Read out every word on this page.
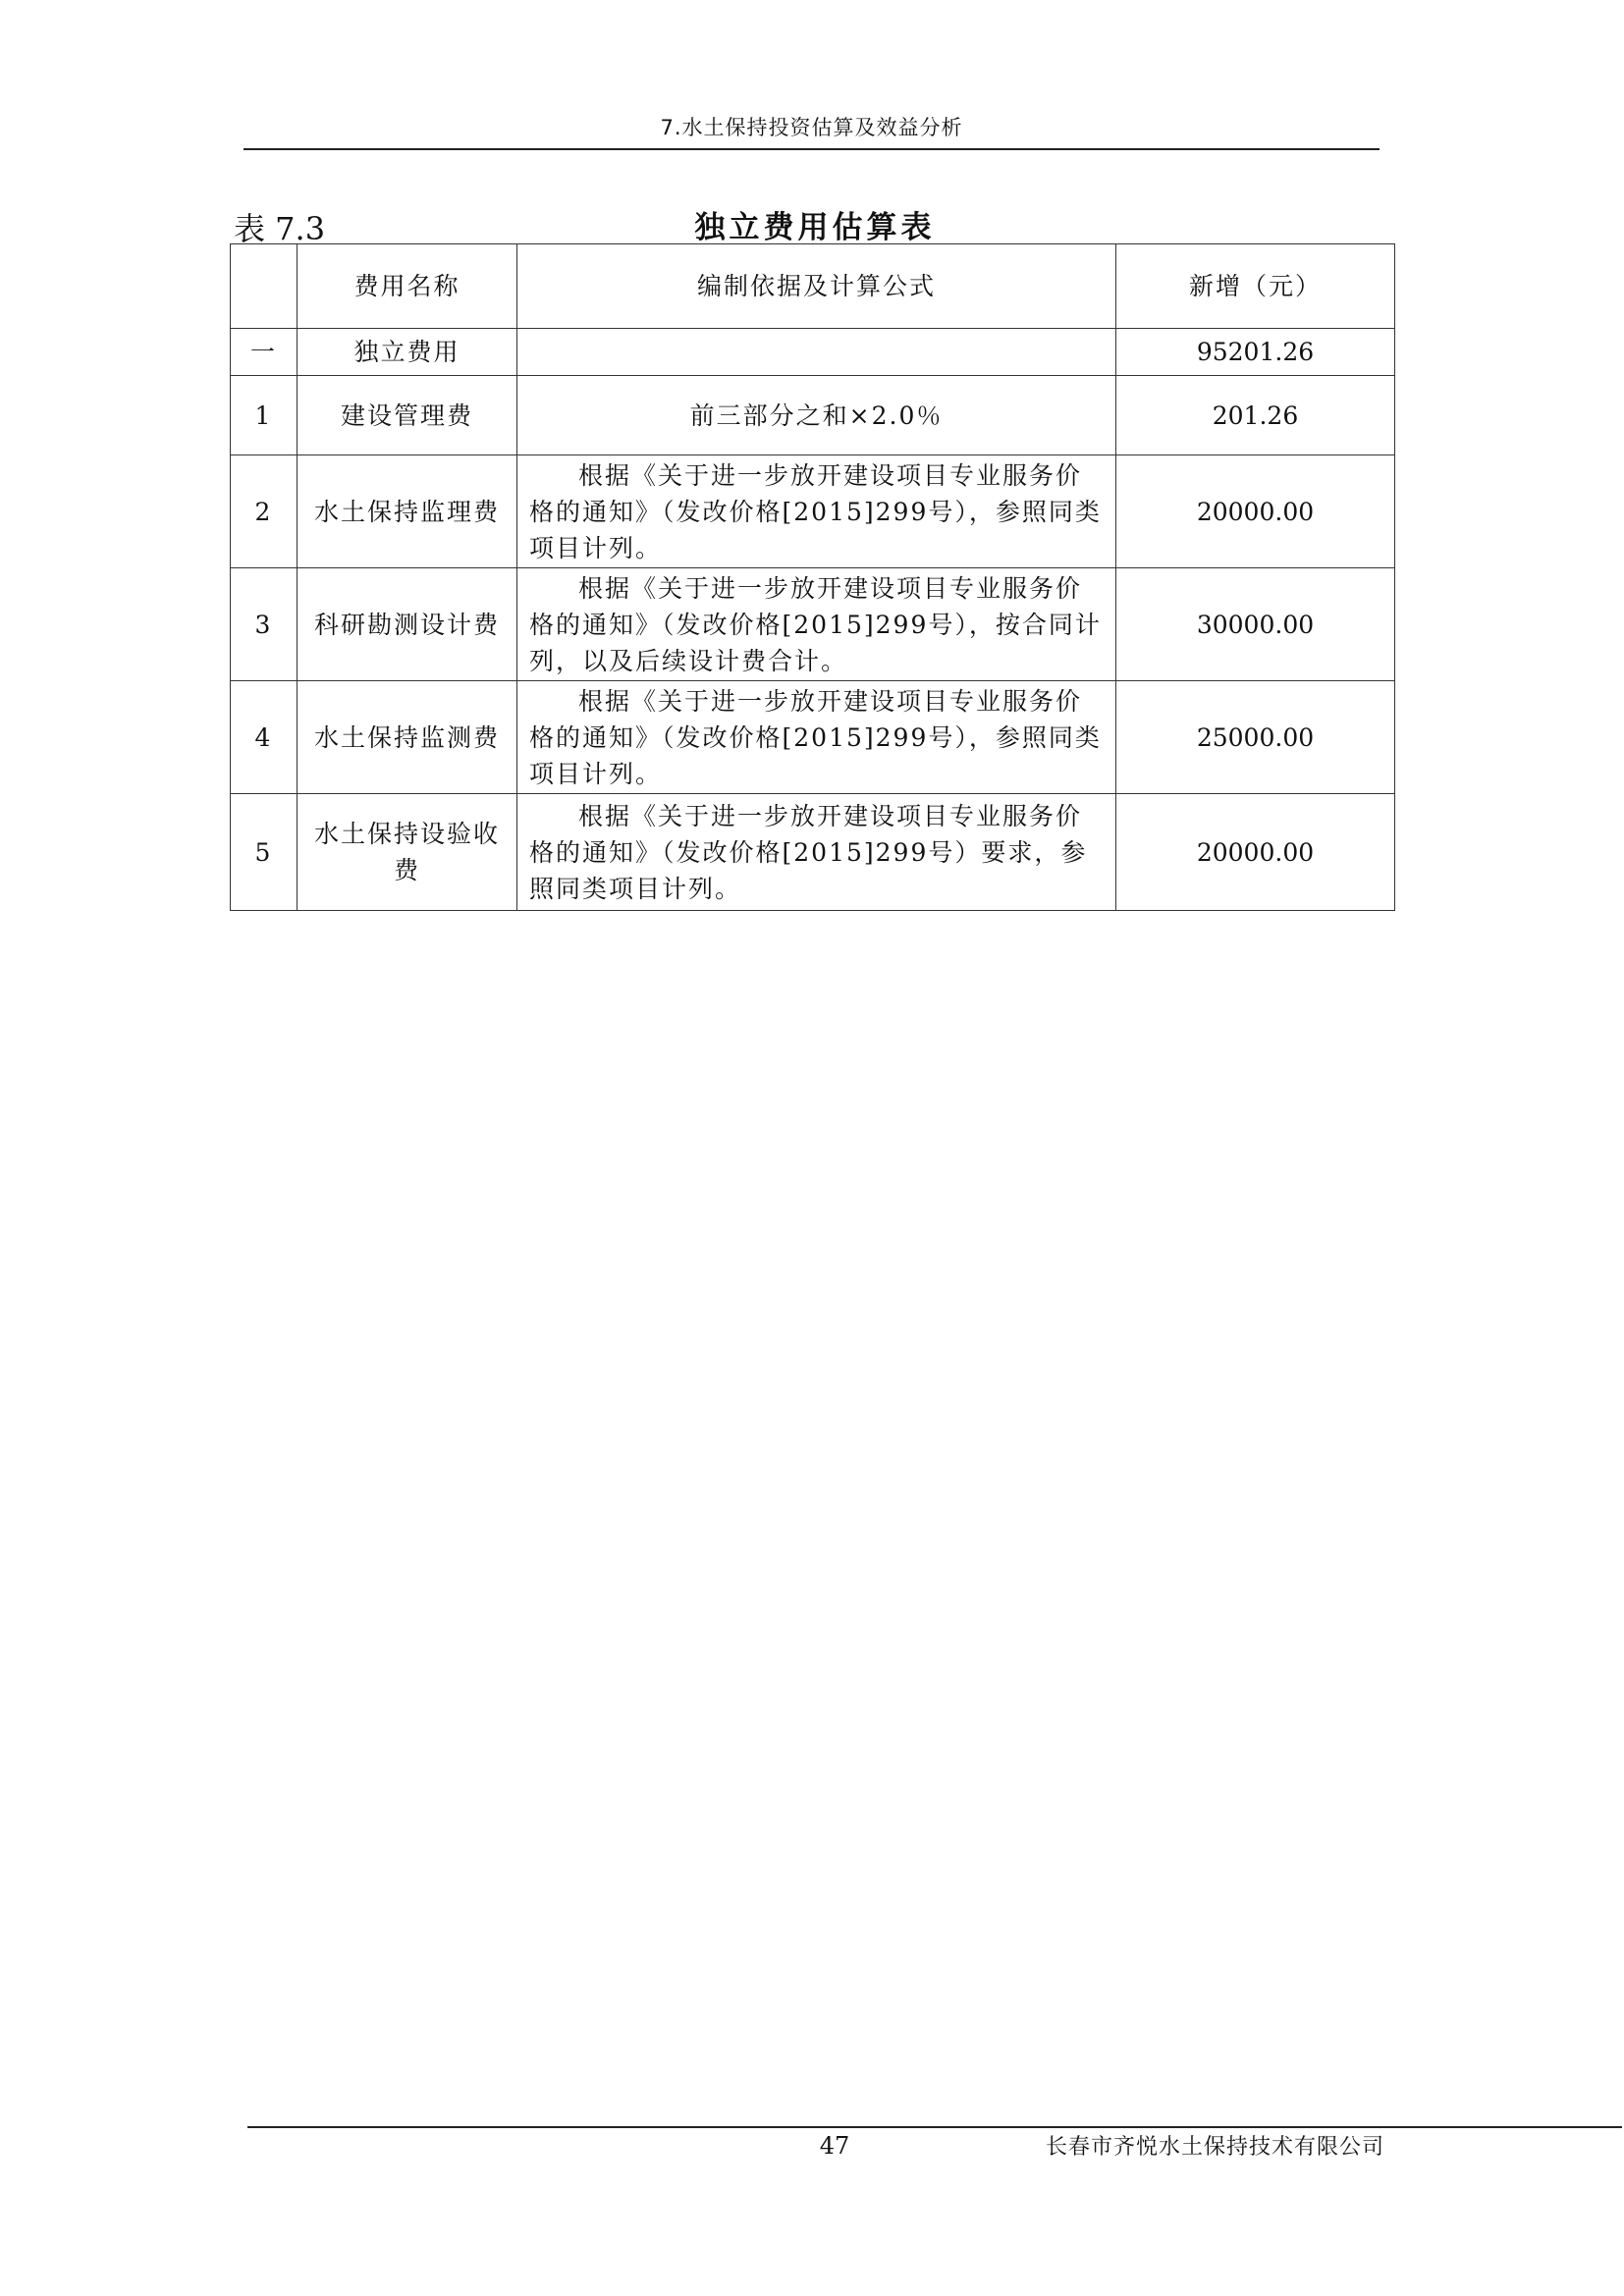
7.水土保持投资估算及效益分析
表 7.3	独立费用估算表
	费用名称	编制依据及计算公式	新增（元）
一	独立费用		95201.26
1	建设管理费	前三部分之和×2.0％	201.26
2	水土保持监理费	根据《关于进一步放开建设项目专业服务价格的通知》（发改价格[2015]299号），参照同类项目计列。	20000.00
3	科研勘测设计费	根据《关于进一步放开建设项目专业服务价格的通知》（发改价格[2015]299号），按合同计列，以及后续设计费合计。	30000.00
4	水土保持监测费	根据《关于进一步放开建设项目专业服务价格的通知》（发改价格[2015]299号），参照同类项目计列。	25000.00
5	水土保持设验收费	根据《关于进一步放开建设项目专业服务价格的通知》（发改价格[2015]299号）要求，参照同类项目计列。	20000.00
47	长春市齐悦水土保持技术有限公司
